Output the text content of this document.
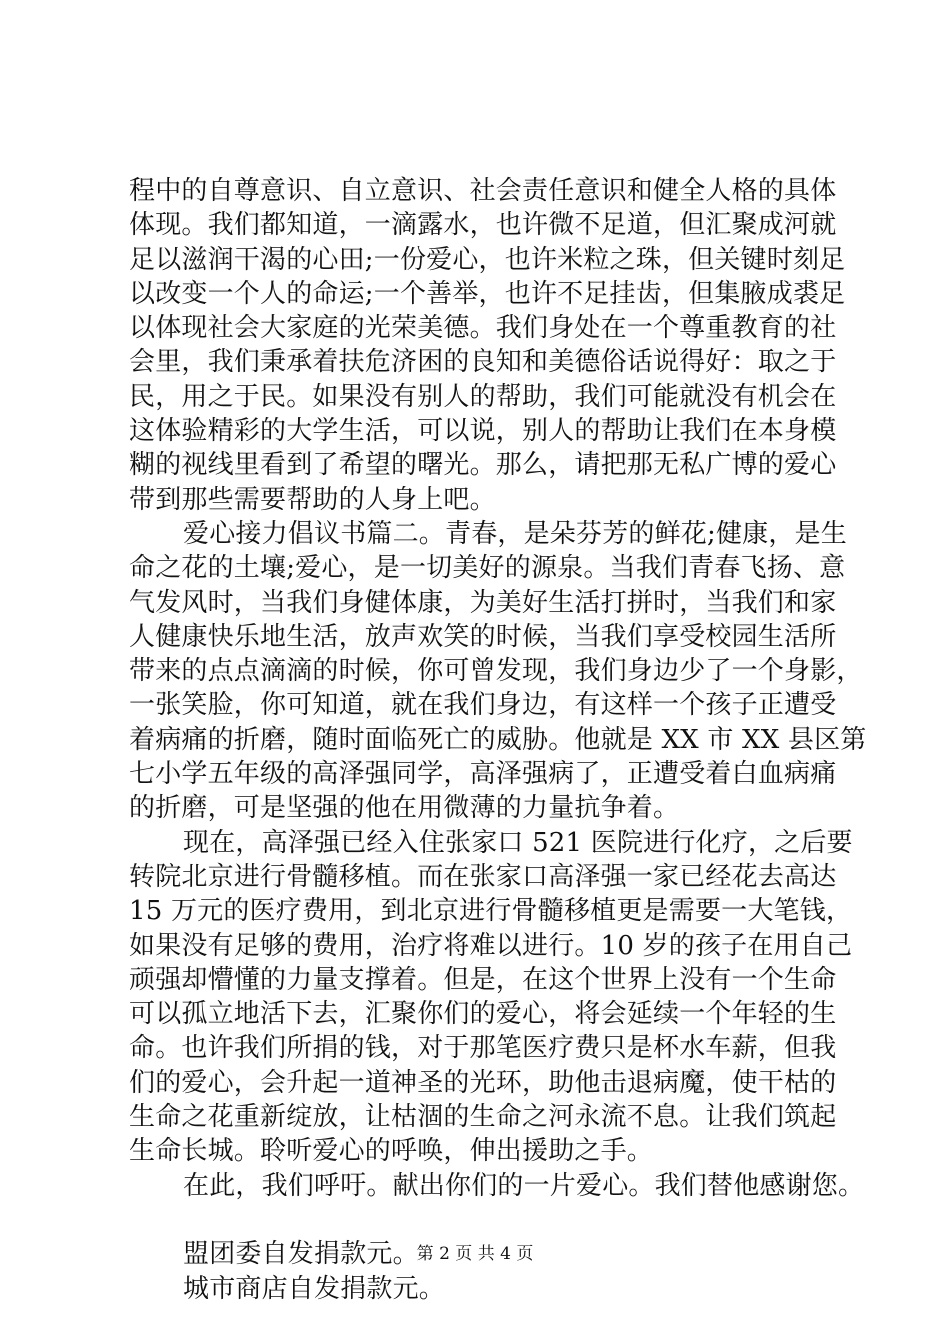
程中的自尊意识、自立意识、社会责任意识和健全人格的具体
体现。我们都知道，一滴露水，也许微不足道，但汇聚成河就
足以滋润干渴的心田;一份爱心，也许米粒之珠，但关键时刻足
以改变一个人的命运;一个善举，也许不足挂齿，但集腋成裘足
以体现社会大家庭的光荣美德。我们身处在一个尊重教育的社
会里，我们秉承着扶危济困的良知和美德俗话说得好：取之于
民，用之于民。如果没有别人的帮助，我们可能就没有机会在
这体验精彩的大学生活，可以说，别人的帮助让我们在本身模
糊的视线里看到了希望的曙光。那么，请把那无私广博的爱心
带到那些需要帮助的人身上吧。
爱心接力倡议书篇二。青春，是朵芬芳的鲜花;健康，是生
命之花的土壤;爱心，是一切美好的源泉。当我们青春飞扬、意
气发风时，当我们身健体康，为美好生活打拼时，当我们和家
人健康快乐地生活，放声欢笑的时候，当我们享受校园生活所
带来的点点滴滴的时候，你可曾发现，我们身边少了一个身影，
一张笑脸，你可知道，就在我们身边，有这样一个孩子正遭受
着病痛的折磨，随时面临死亡的威胁。他就是 XX 市 XX 县区第
七小学五年级的高泽强同学，高泽强病了，正遭受着白血病痛
的折磨，可是坚强的他在用微薄的力量抗争着。
现在，高泽强已经入住张家口 521 医院进行化疗，之后要
转院北京进行骨髓移植。而在张家口高泽强一家已经花去高达
15 万元的医疗费用，到北京进行骨髓移植更是需要一大笔钱，
如果没有足够的费用，治疗将难以进行。10 岁的孩子在用自己
顽强却懵懂的力量支撑着。但是，在这个世界上没有一个生命
可以孤立地活下去，汇聚你们的爱心，将会延续一个年轻的生
命。也许我们所捐的钱，对于那笔医疗费只是杯水车薪，但我
们的爱心，会升起一道神圣的光环，助他击退病魔，使干枯的
生命之花重新绽放，让枯涸的生命之河永流不息。让我们筑起
生命长城。聆听爱心的呼唤，伸出援助之手。
在此，我们呼吁。献出你们的一片爱心。我们替他感谢您。
盟团委自发捐款元。
城市商店自发捐款元。
第 2 页 共 4 页
